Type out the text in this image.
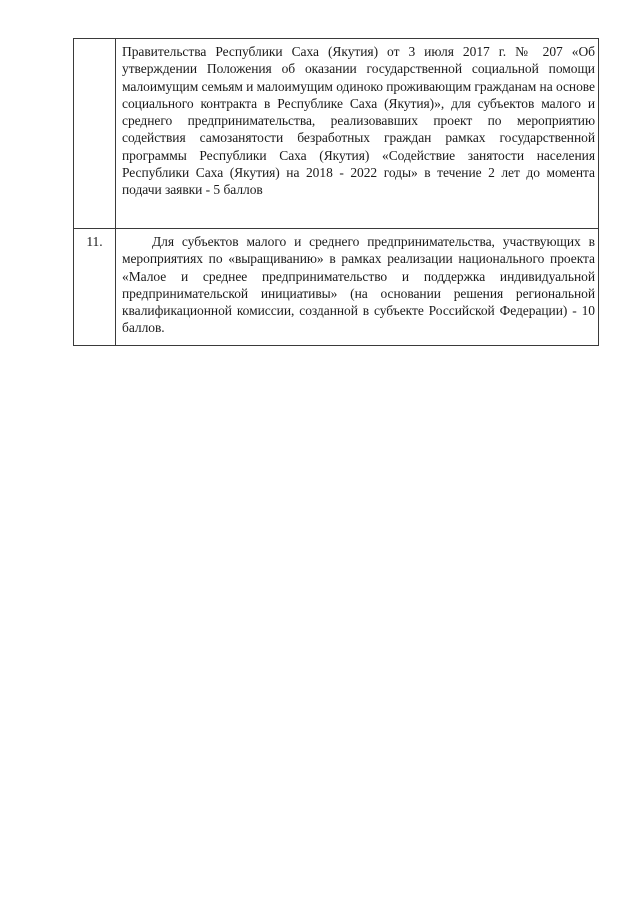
	Правительства Республики Саха (Якутия) от 3 июля 2017 г. № 207 «Об утверждении Положения об оказании государственной социальной помощи малоимущим семьям и малоимущим одиноко проживающим гражданам на основе социального контракта в Республике Саха (Якутия)», для субъектов малого и среднего предпринимательства, реализовавших проект по мероприятию содействия самозанятости безработных граждан рамках государственной программы Республики Саха (Якутия) «Содействие занятости населения Республики Саха (Якутия) на 2018 - 2022 годы» в течение 2 лет до момента подачи заявки - 5 баллов

11.	Для субъектов малого и среднего предпринимательства, участвующих в мероприятиях по «выращиванию» в рамках реализации национального проекта «Малое и среднее предпринимательство и поддержка индивидуальной предпринимательской инициативы» (на основании решения региональной квалификационной комиссии, созданной в субъекте Российской Федерации) - 10 баллов.
